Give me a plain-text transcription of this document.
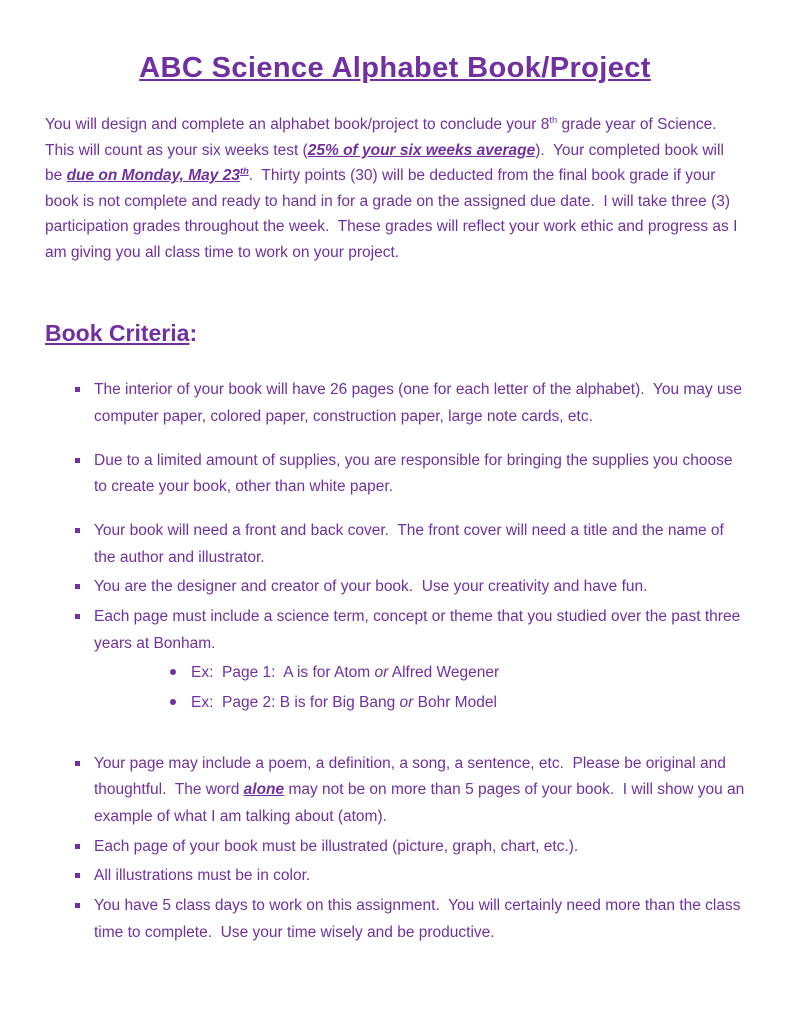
ABC Science Alphabet Book/Project

You will design and complete an alphabet book/project to conclude your 8th grade year of Science.  This will count as your six weeks test (25% of your six weeks average).  Your completed book will be due on Monday, May 23th.  Thirty points (30) will be deducted from the final book grade if your book is not complete and ready to hand in for a grade on the assigned due date.  I will take three (3) participation grades throughout the week.  These grades will reflect your work ethic and progress as I am giving you all class time to work on your project.

Book Criteria:
The interior of your book will have 26 pages (one for each letter of the alphabet).  You may use computer paper, colored paper, construction paper, large note cards, etc.
Due to a limited amount of supplies, you are responsible for bringing the supplies you choose to create your book, other than white paper.
Your book will need a front and back cover.  The front cover will need a title and the name of the author and illustrator.
You are the designer and creator of your book.  Use your creativity and have fun.
Each page must include a science term, concept or theme that you studied over the past three years at Bonham.
Ex:  Page 1:  A is for Atom or Alfred Wegener
Ex:  Page 2: B is for Big Bang or Bohr Model
Your page may include a poem, a definition, a song, a sentence, etc.  Please be original and thoughtful.  The word alone may not be on more than 5 pages of your book.  I will show you an example of what I am talking about (atom).
Each page of your book must be illustrated (picture, graph, chart, etc.).
All illustrations must be in color.
You have 5 class days to work on this assignment.  You will certainly need more than the class time to complete.  Use your time wisely and be productive.
